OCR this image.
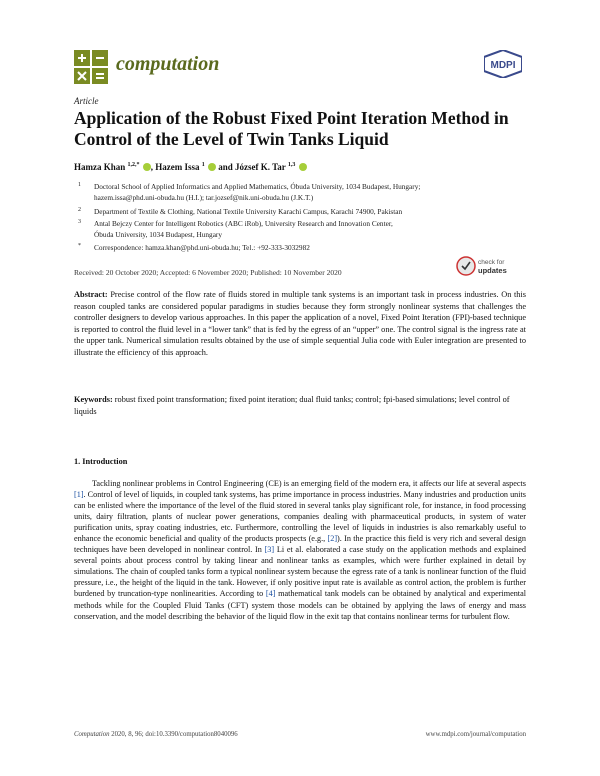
computation	MDPI
Article
Application of the Robust Fixed Point Iteration Method in Control of the Level of Twin Tanks Liquid
Hamza Khan $^{1,2,*}$ , Hazem Issa $^1$ and József K. Tar $^{1,3}$
1 Doctoral School of Applied Informatics and Applied Mathematics, Óbuda University, 1034 Budapest, Hungary;
hazem.issa@phd.uni-obuda.hu (H.I.); tar.jozsef@nik.uni-obuda.hu (J.K.T.)
2 Department of Textile & Clothing, National Textile University Karachi Campus, Karachi 74900, Pakistan
3 Antal Bejczy Center for Intelligent Robotics (ABC iRob), University Research and Innovation Center,
Óbuda University, 1034 Budapest, Hungary
* Correspondence: hamza.khan@phd.uni-obuda.hu; Tel.: +92-333-3032982
Received: 20 October 2020; Accepted: 6 November 2020; Published: 10 November 2020
check for
updates
Abstract: Precise control of the flow rate of fluids stored in multiple tank systems is an important task in process industries. On this reason coupled tanks are considered popular paradigms in studies because they form strongly nonlinear systems that challenges the controller designers to develop various approaches. In this paper the application of a novel, Fixed Point Iteration (FPI)-based technique is reported to control the fluid level in a “lower tank” that is fed by the egress of an “upper” one. The control signal is the ingress rate at the upper tank. Numerical simulation results obtained by the use of simple sequential Julia code with Euler integration are presented to illustrate the efficiency of this approach.
Keywords: robust fixed point transformation; fixed point iteration; dual fluid tanks; control; fpi-based simulations; level control of liquids
1. Introduction
Tackling nonlinear problems in Control Engineering (CE) is an emerging field of the modern era, it affects our life at several aspects [1]. Control of level of liquids, in coupled tank systems, has prime importance in process industries. Many industries and production units can be enlisted where the importance of the level of the fluid stored in several tanks play significant role, for instance, in food processing units, dairy filtration, plants of nuclear power generations, companies dealing with pharmaceutical products, in system of water purification units, spray coating industries, etc. Furthermore, controlling the level of liquids in industries is also remarkably useful to enhance the economic beneficial and quality of the products prospects (e.g., [2]). In the practice this field is very rich and several design techniques have been developed in nonlinear control. In [3] Li et al. elaborated a case study on the application methods and explained several points about process control by taking linear and nonlinear tanks as examples, which were further explained in detail by simulations. The chain of coupled tanks form a typical nonlinear system because the egress rate of a tank is nonlinear function of the fluid pressure, i.e., the height of the liquid in the tank. However, if only positive input rate is available as control action, the problem is further burdened by truncation-type nonlinearities. According to [4] mathematical tank models can be obtained by analytical and experimental methods while for the Coupled Fluid Tanks (CFT) system those models can be obtained by applying the laws of energy and mass conservation, and the model describing the behavior of the liquid flow in the exit tap that contains nonlinear terms for turbulent flow.
Computation 2020, 8, 96; doi:10.3390/computation8040096	www.mdpi.com/journal/computation
